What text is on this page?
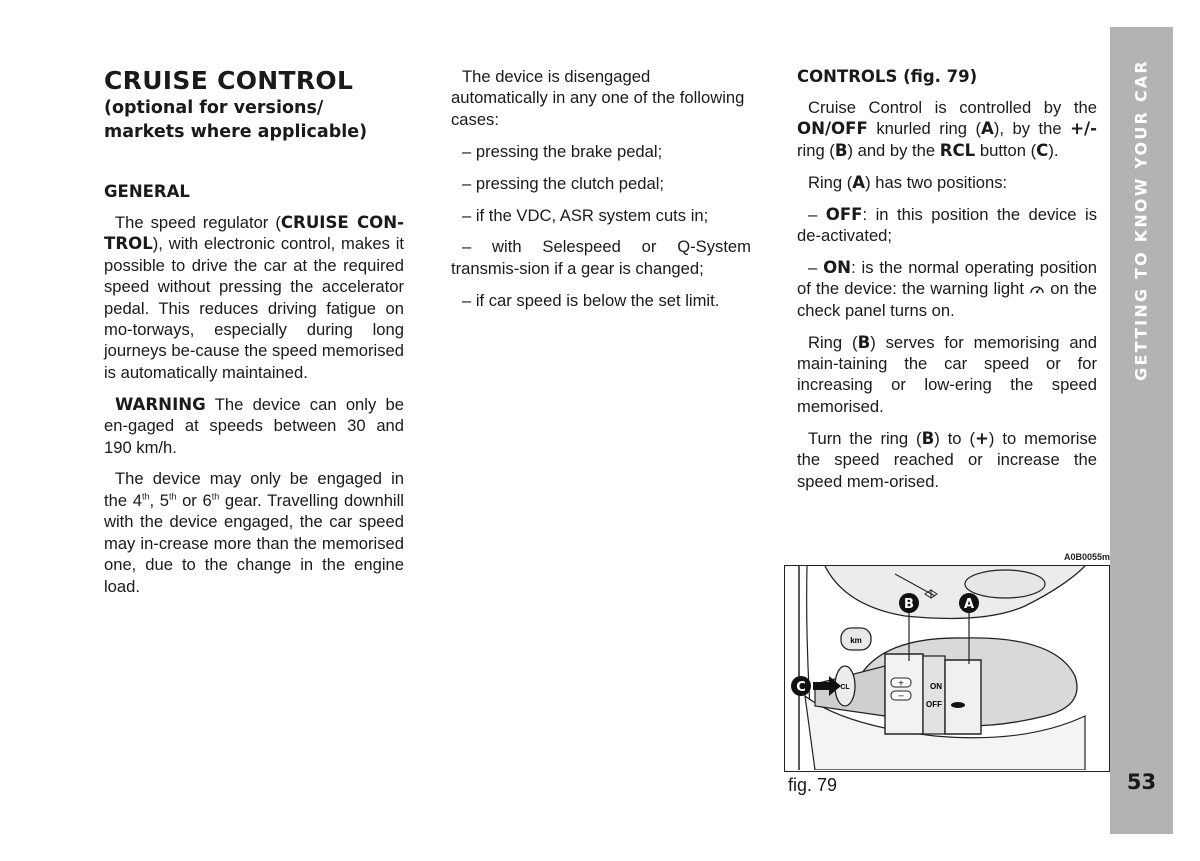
CRUISE CONTROL
(optional for versions/
markets where applicable)
GENERAL

The speed regulator (CRUISE CON-TROL), with electronic control, makes it possible to drive the car at the required speed without pressing the accelerator pedal. This reduces driving fatigue on mo-torways, especially during long journeys be-cause the speed memorised is automatically maintained.

WARNING The device can only be en-gaged at speeds between 30 and 190 km/h.

The device may only be engaged in the 4th, 5th or 6th gear. Travelling downhill with the device engaged, the car speed may in-crease more than the memorised one, due to the change in the engine load.

The device is disengaged automatically in any one of the following cases:

– pressing the brake pedal;

– pressing the clutch pedal;

– if the VDC, ASR system cuts in;

– with Selespeed or Q-System transmis-sion if a gear is changed;

– if car speed is below the set limit.

CONTROLS (fig. 79)

Cruise Control is controlled by the ON/OFF knurled ring (A), by the +/- ring (B) and by the RCL button (C).

Ring (A) has two positions:

– OFF: in this position the device is de-activated;

– ON: is the normal operating position of the device: the warning light  on the check panel turns on.

Ring (B) serves for memorising and main-taining the car speed or for increasing or low-ering the speed memorised.

Turn the ring (B) to (+) to memorise the speed reached or increase the speed mem-orised.

A0B0055m
km
CL	+
−
ON
OFF
B	A
C
fig. 79
GETTING TO KNOW YOUR CAR
53
